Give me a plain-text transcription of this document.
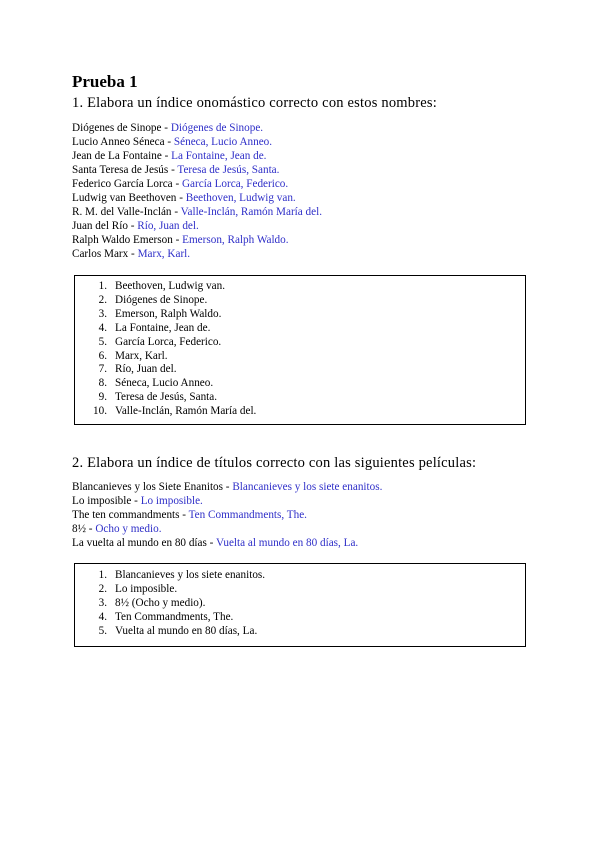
Prueba 1

1. Elabora un índice onomástico correcto con estos nombres:

Diógenes de Sinope - Diógenes de Sinope.
Lucio Anneo Séneca - Séneca, Lucio Anneo.
Jean de La Fontaine - La Fontaine, Jean de.
Santa Teresa de Jesús - Teresa de Jesús, Santa.
Federico García Lorca - García Lorca, Federico.
Ludwig van Beethoven - Beethoven, Ludwig van.
R. M. del Valle-Inclán - Valle-Inclán, Ramón María del.
Juan del Río - Río, Juan del.
Ralph Waldo Emerson - Emerson, Ralph Waldo.
Carlos Marx - Marx, Karl.
1. Beethoven, Ludwig van.
2. Diógenes de Sinope.
3. Emerson, Ralph Waldo.
4. La Fontaine, Jean de.
5. García Lorca, Federico.
6. Marx, Karl.
7. Río, Juan del.
8. Séneca, Lucio Anneo.
9. Teresa de Jesús, Santa.
10. Valle-Inclán, Ramón María del.

2. Elabora un índice de títulos correcto con las siguientes películas:

Blancanieves y los Siete Enanitos - Blancanieves y los siete enanitos.
Lo imposible - Lo imposible.
The ten commandments - Ten Commandments, The.
8½ - Ocho y medio.
La vuelta al mundo en 80 días - Vuelta al mundo en 80 días, La.
1. Blancanieves y los siete enanitos.
2. Lo imposible.
3. 8½ (Ocho y medio).
4. Ten Commandments, The.
5. Vuelta al mundo en 80 días, La.
